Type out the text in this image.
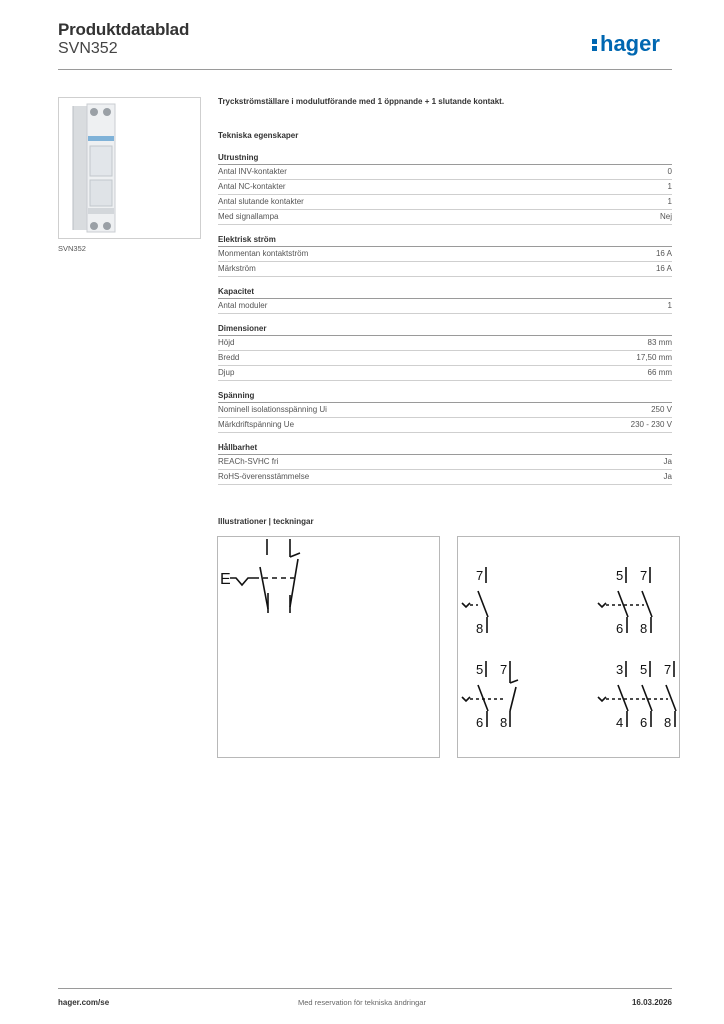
Produktdatablad
SVN352	hager
SVN352
Tryckströmställare i modulutförande med 1 öppnande + 1 slutande kontakt.
Tekniska egenskaper
Utrustning
Antal INV-kontakter	0
Antal NC-kontakter	1
Antal slutande kontakter	1
Med signallampa	Nej
Elektrisk ström
Monmentan kontaktström	16 A
Märkström	16 A
Kapacitet
Antal moduler	1
Dimensioner
Höjd	83 mm
Bredd	17,50 mm
Djup	66 mm
Spänning
Nominell isolationsspänning Ui	250 V
Märkdriftspänning Ue	230 - 230 V
Hållbarhet
REACh-SVHC fri	Ja
RoHS-överensstämmelse	Ja
Illustrationer | teckningar
E	7
8
5 7
6 8
5 7
6 8
3 5 7
4 6 8
Med reservation för tekniska ändringar
hager.com/se	16.03.2026
